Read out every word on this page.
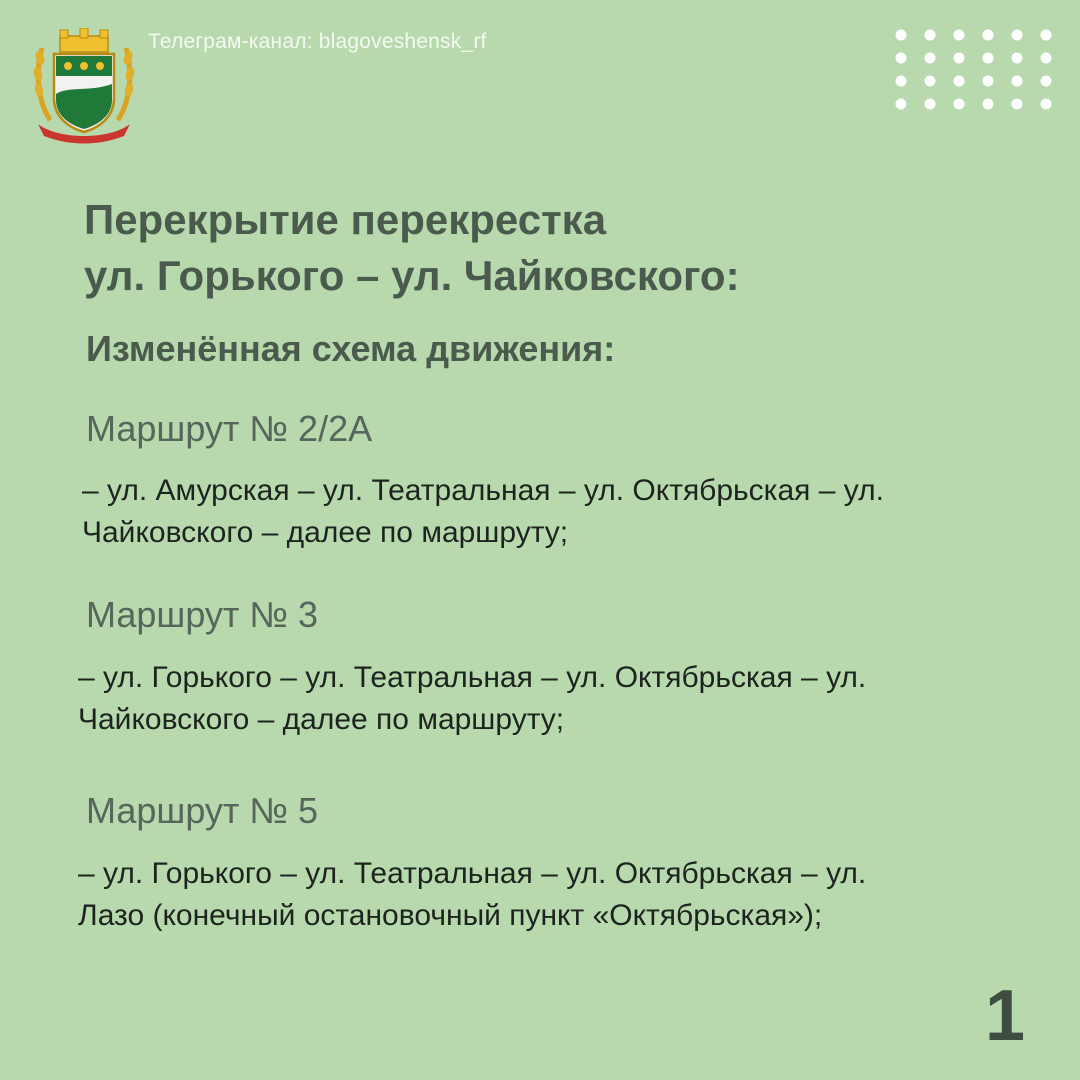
Телеграм-канал: blagoveshensk_rf
Перекрытие перекрестка
ул. Горького – ул. Чайковского:
Изменённая схема движения:
Маршрут № 2/2А
– ул. Амурская – ул. Театральная – ул. Октябрьская – ул.
Чайковского – далее по маршруту;
Маршрут № 3
– ул. Горького – ул. Театральная – ул. Октябрьская – ул.
Чайковского – далее по маршруту;
Маршрут № 5
– ул. Горького – ул. Театральная – ул. Октябрьская – ул.
Лазо (конечный остановочный пункт «Октябрьская»);
1
